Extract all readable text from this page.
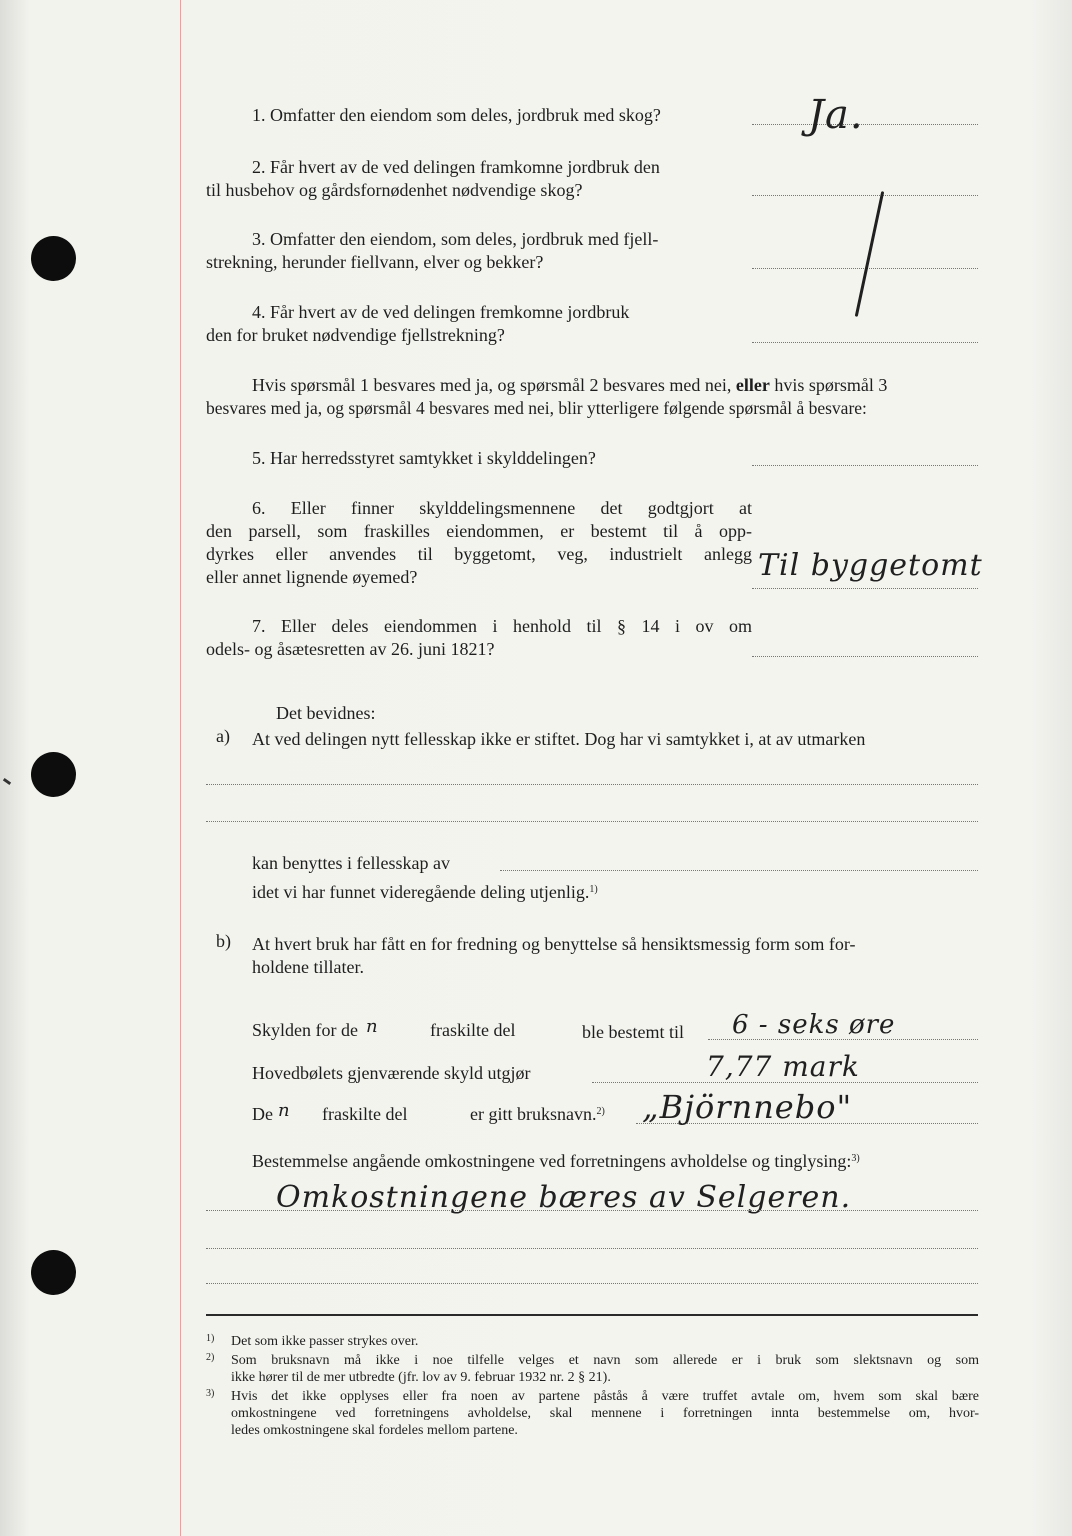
1. Omfatter den eiendom som deles, jordbruk med skog?	Ja.
2. Får hvert av de ved delingen framkomne jordbruk den
til husbehov og gårdsfornødenhet nødvendige skog?
3. Omfatter den eiendom, som deles, jordbruk med fjell-
strekning, herunder fiellvann, elver og bekker?
4. Får hvert av de ved delingen fremkomne jordbruk
den for bruket nødvendige fjellstrekning?
Hvis spørsmål 1 besvares med ja, og spørsmål 2 besvares med nei, eller hvis spørsmål 3
besvares med ja, og spørsmål 4 besvares med nei, blir ytterligere følgende spørsmål å besvare:
5. Har herredsstyret samtykket i skylddelingen?
6. Eller finner skylddelingsmennene det godtgjort at
den parsell, som fraskilles eiendommen, er bestemt til å opp-
dyrkes eller anvendes til byggetomt, veg, industrielt anlegg
eller annet lignende øyemed?	Til byggetomt
7. Eller deles eiendommen i henhold til § 14 i ov om
odels- og åsætesretten av 26. juni 1821?
Det bevidnes:
a) At ved delingen nytt fellesskap ikke er stiftet. Dog har vi samtykket i, at av utmarken
kan benyttes i fellesskap av
idet vi har funnet videregående deling utjenlig.$^{1)}$
b) At hvert bruk har fått en for fredning og benyttelse så hensiktsmessig form som for-
holdene tillater.
Skylden for de n	fraskilte del	ble bestemt til 6 - seks øre
Hovedbølets gjenværende skyld utgjør	7,77 mark
De n fraskilte del	er gitt bruksnavn.$^{2)}$ „Björnnebo"
Bestemmelse angående omkostningene ved forretningens avholdelse og tinglysing:$^{3)}$
Omkostningene bæres av Selgeren.
1) Det som ikke passer strykes over.
2) Som bruksnavn må ikke i noe tilfelle velges et navn som allerede er i bruk som slektsnavn og som
ikke hører til de mer utbredte (jfr. lov av 9. februar 1932 nr. 2 § 21).
3) Hvis det ikke opplyses eller fra noen av partene påstås å være truffet avtale om, hvem som skal bære
omkostningene ved forretningens avholdelse, skal mennene i forretningen innta bestemmelse om, hvor-
ledes omkostningene skal fordeles mellom partene.
